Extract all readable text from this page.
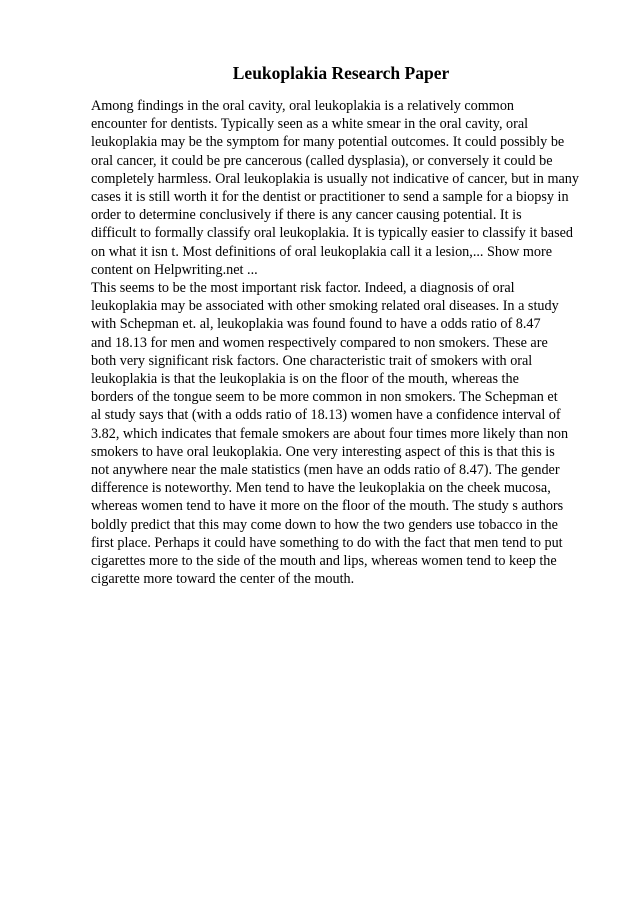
Leukoplakia Research Paper
Among findings in the oral cavity, oral leukoplakia is a relatively common
encounter for dentists. Typically seen as a white smear in the oral cavity, oral
leukoplakia may be the symptom for many potential outcomes. It could possibly be
oral cancer, it could be pre cancerous (called dysplasia), or conversely it could be
completely harmless. Oral leukoplakia is usually not indicative of cancer, but in many
cases it is still worth it for the dentist or practitioner to send a sample for a biopsy in
order to determine conclusively if there is any cancer causing potential. It is
difficult to formally classify oral leukoplakia. It is typically easier to classify it based
on what it isn t. Most definitions of oral leukoplakia call it a lesion,... Show more
content on Helpwriting.net ...
This seems to be the most important risk factor. Indeed, a diagnosis of oral
leukoplakia may be associated with other smoking related oral diseases. In a study
with Schepman et. al, leukoplakia was found found to have a odds ratio of 8.47
and 18.13 for men and women respectively compared to non smokers. These are
both very significant risk factors. One characteristic trait of smokers with oral
leukoplakia is that the leukoplakia is on the floor of the mouth, whereas the
borders of the tongue seem to be more common in non smokers. The Schepman et
al study says that (with a odds ratio of 18.13) women have a confidence interval of
3.82, which indicates that female smokers are about four times more likely than non
smokers to have oral leukoplakia. One very interesting aspect of this is that this is
not anywhere near the male statistics (men have an odds ratio of 8.47). The gender
difference is noteworthy. Men tend to have the leukoplakia on the cheek mucosa,
whereas women tend to have it more on the floor of the mouth. The study s authors
boldly predict that this may come down to how the two genders use tobacco in the
first place. Perhaps it could have something to do with the fact that men tend to put
cigarettes more to the side of the mouth and lips, whereas women tend to keep the
cigarette more toward the center of the mouth.
